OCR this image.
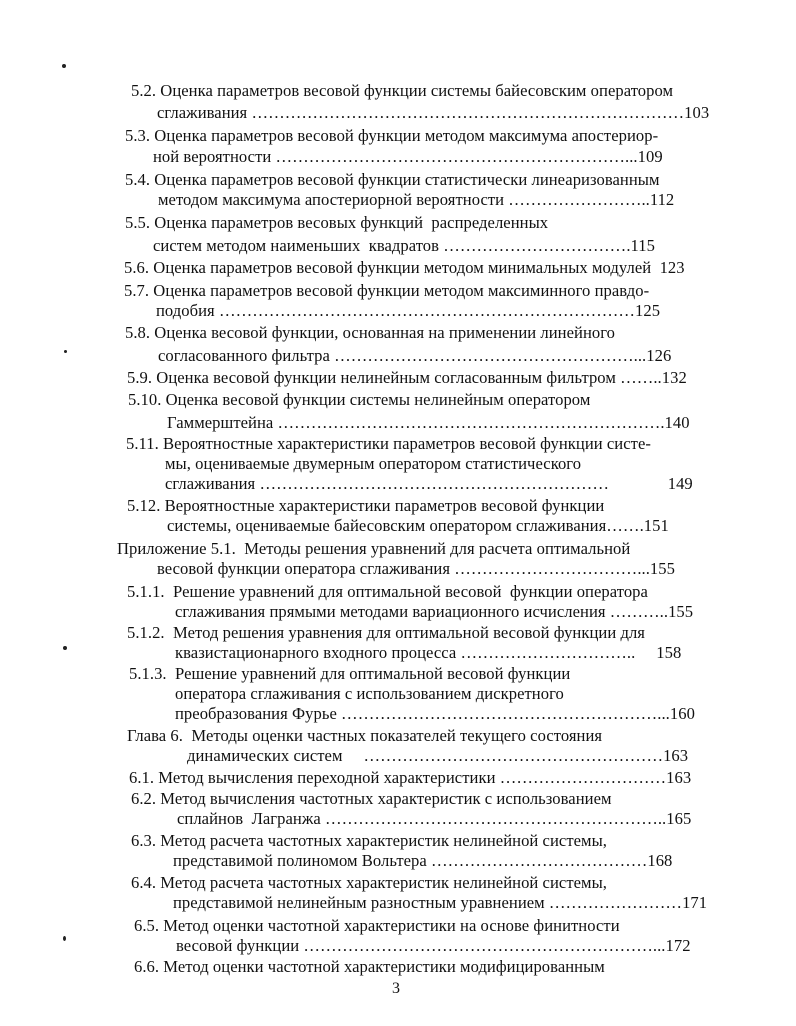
5.2. Оценка параметров весовой функции системы байесовским оператором
сглаживания ……………………………………………………………………103
5.3. Оценка параметров весовой функции методом максимума апостериор-
ной вероятности ………………………………………………………...109
5.4. Оценка параметров весовой функции статистически линеаризованным
методом максимума апостериорной вероятности ……………………..112
5.5. Оценка параметров весовых функций  распределенных
систем методом наименьших  квадратов …………………………….115
5.6. Оценка параметров весовой функции методом минимальных модулей  123
5.7. Оценка параметров весовой функции методом максиминного правдо-
подобия …………………………………………………………………125
5.8. Оценка весовой функции, основанная на применении линейного
согласованного фильтра ………………………………………………...126
5.9. Оценка весовой функции нелинейным согласованным фильтром ……..132
5.10. Оценка весовой функции системы нелинейным оператором
Гаммерштейна …………………………………………………………….140
5.11. Вероятностные характеристики параметров весовой функции систе-
мы, оцениваемые двумерным оператором статистического
сглаживания ………………………………………………………              149
5.12. Вероятностные характеристики параметров весовой функции
системы, оцениваемые байесовским оператором сглаживания…….151
Приложение 5.1.  Методы решения уравнений для расчета оптимальной
весовой функции оператора сглаживания ……………………………...155
5.1.1.  Решение уравнений для оптимальной весовой  функции оператора
сглаживания прямыми методами вариационного исчисления ………..155
5.1.2.  Метод решения уравнения для оптимальной весовой функции для
квазистационарного входного процесса …………………………..     158
5.1.3.  Решение уравнений для оптимальной весовой функции
оператора сглаживания с использованием дискретного
преобразования Фурье …………………………………………………...160
Глава 6.  Методы оценки частных показателей текущего состояния
динамических систем     ………………………………………………163
6.1. Метод вычисления переходной характеристики …………………………163
6.2. Метод вычисления частотных характеристик с использованием
сплайнов  Лагранжа ……………………………………………………..165
6.3. Метод расчета частотных характеристик нелинейной системы,
представимой полиномом Вольтера …………………………………168
6.4. Метод расчета частотных характеристик нелинейной системы,
представимой нелинейным разностным уравнением ……………………171
6.5. Метод оценки частотной характеристики на основе финитности
весовой функции ………………………………………………………...172
6.6. Метод оценки частотной характеристики модифицированным
3
